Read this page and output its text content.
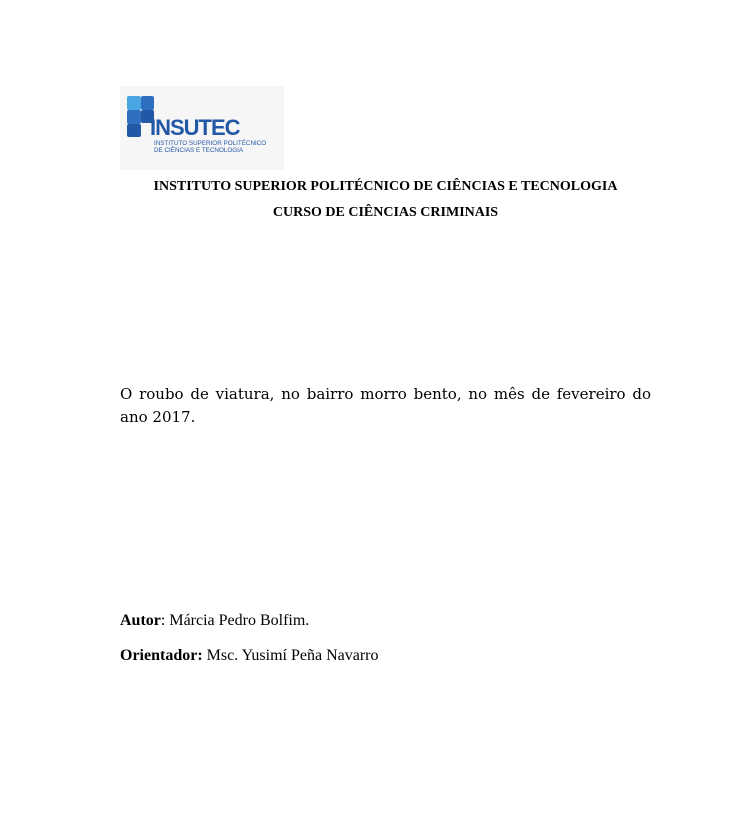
INSUTEC
INSTITUTO SUPERIOR POLITÉCNICO
DE CIÊNCIAS E TECNOLOGIA
INSTITUTO SUPERIOR POLITÉCNICO DE CIÊNCIAS E TECNOLOGIA
CURSO DE CIÊNCIAS CRIMINAIS
O roubo de viatura, no bairro morro bento, no mês de fevereiro do ano 2017.
Autor: Márcia Pedro Bolfim.
Orientador: Msc. Yusimí Peña Navarro
